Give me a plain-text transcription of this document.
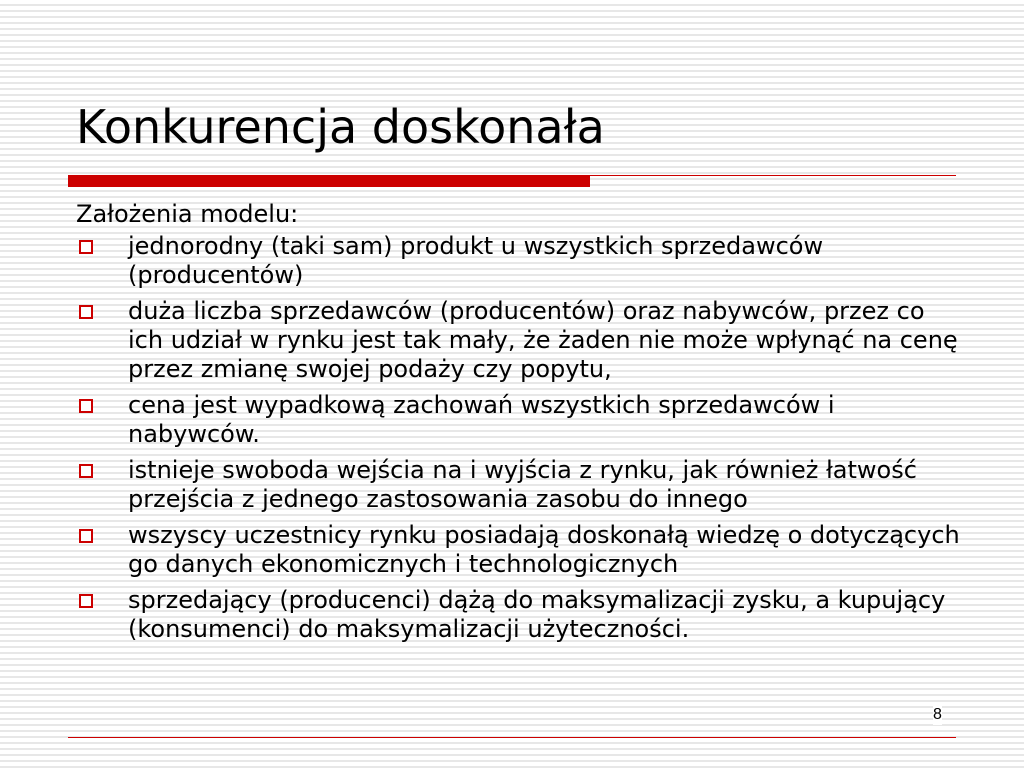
Konkurencja doskonała

Założenia modelu:

jednorodny (taki sam) produkt u wszystkich sprzedawców (producentów)
duża liczba sprzedawców (producentów) oraz nabywców, przez co ich udział w rynku jest tak mały, że żaden nie może wpłynąć na cenę przez zmianę swojej podaży czy popytu,
cena jest wypadkową zachowań wszystkich sprzedawców i nabywców.
istnieje swoboda wejścia na i wyjścia z rynku, jak również łatwość przejścia z jednego zastosowania zasobu do innego
wszyscy uczestnicy rynku posiadają doskonałą wiedzę o dotyczących go danych ekonomicznych i technologicznych
sprzedający (producenci) dążą do maksymalizacji zysku, a kupujący (konsumenci) do maksymalizacji użyteczności.
8
